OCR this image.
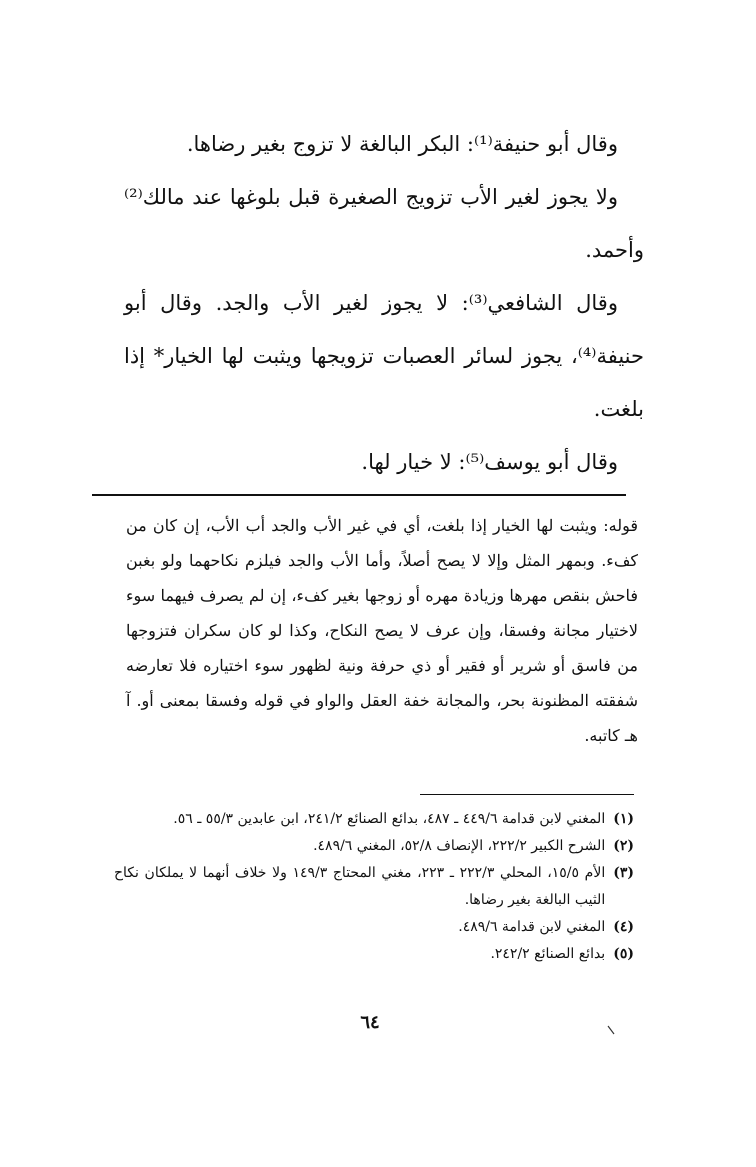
وقال أبو حنيفة⁽¹⁾: البكر البالغة لا تزوج بغير رضاها.

ولا يجوز لغير الأب تزويج الصغيرة قبل بلوغها عند مالك⁽²⁾ وأحمد.

وقال الشافعي⁽³⁾: لا يجوز لغير الأب والجد. وقال أبو حنيفة⁽⁴⁾، يجوز لسائر العصبات تزويجها ويثبت لها الخيار* إذا بلغت.

وقال أبو يوسف⁽⁵⁾: لا خيار لها.

قوله: ويثبت لها الخيار إذا بلغت، أي في غير الأب والجد أب الأب، إن كان من كفء. وبمهر المثل وإلا لا يصح أصلاً، وأما الأب والجد فيلزم نكاحهما ولو بغبن فاحش بنقص مهرها وزيادة مهره أو زوجها بغير كفء، إن لم يصرف فيهما سوء لاختيار مجانة وفسقا، وإن عرف لا يصح النكاح، وكذا لو كان سكران فتزوجها من فاسق أو شرير أو فقير أو ذي حرفة ونية لظهور سوء اختياره فلا تعارضه شفقته المظنونة بحر، والمجانة خفة العقل والواو في قوله وفسقا بمعنى أو. آ هـ كاتبه.

(١)
المغني لابن قدامة ٤٤٩/٦ ـ ٤٨٧، بدائع الصنائع ٢٤١/٢، ابن عابدين ٥٥/٣ ـ ٥٦.
(٢)
الشرح الكبير ٢٢٢/٢، الإنصاف ٥٢/٨، المغني ٤٨٩/٦.
(٣)
الأم ١٥/٥، المحلي ٢٢٢/٣ ـ ٢٢٣، مغني المحتاج ١٤٩/٣ ولا خلاف أنهما لا يملكان نكاح الثيب البالغة بغير رضاها.
(٤)
المغني لابن قدامة ٤٨٩/٦.
(٥)
بدائع الصنائع ٢٤٢/٢.
٦٤
